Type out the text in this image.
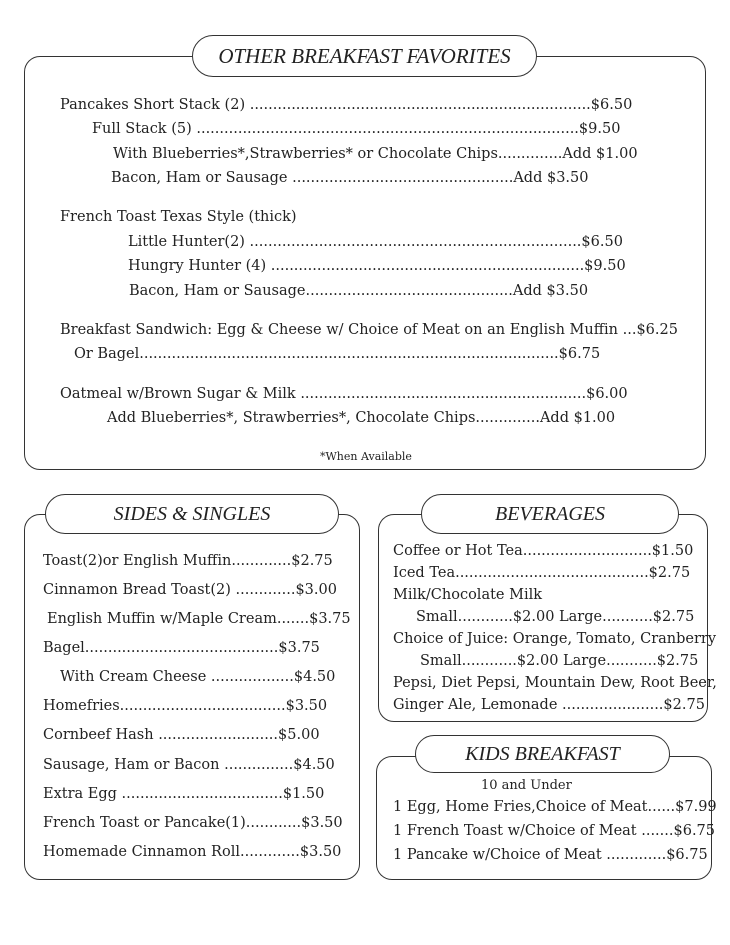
OTHER BREAKFAST FAVORITES
Pancakes Short Stack (2) ..........................................................................$6.50
Full Stack (5) ...................................................................................$9.50
With Blueberries*,Strawberries* or Chocolate Chips..............Add $1.00
Bacon, Ham or Sausage ................................................Add $3.50
French Toast Texas Style (thick)
Little Hunter(2) ........................................................................$6.50
Hungry Hunter (4) ....................................................................$9.50
Bacon, Ham or Sausage.............................................Add $3.50
Breakfast Sandwich: Egg & Cheese w/ Choice of Meat on an English Muffin ...$6.25
Or Bagel...........................................................................................$6.75
Oatmeal w/Brown Sugar & Milk ..............................................................$6.00
Add Blueberries*, Strawberries*, Chocolate Chips..............Add $1.00
*When Available
SIDES & SINGLES
Toast(2)or English Muffin.............$2.75
Cinnamon Bread Toast(2) .............$3.00
English Muffin w/Maple Cream.......$3.75
Bagel..........................................$3.75
With Cream Cheese ..................$4.50
Homefries....................................$3.50
Cornbeef Hash ..........................$5.00
Sausage, Ham or Bacon ...............$4.50
Extra Egg ...................................$1.50
French Toast or Pancake(1)............$3.50
Homemade Cinnamon Roll.............$3.50
BEVERAGES
Coffee or Hot Tea............................$1.50
Iced Tea..........................................$2.75
Milk/Chocolate Milk
Small............$2.00 Large...........$2.75
Choice of Juice: Orange, Tomato, Cranberry
Small............$2.00 Large...........$2.75
Pepsi, Diet Pepsi, Mountain Dew, Root Beer,
Ginger Ale, Lemonade ......................$2.75
KIDS BREAKFAST
10 and Under
1 Egg, Home Fries,Choice of Meat......$7.99
1 French Toast w/Choice of Meat .......$6.75
1 Pancake w/Choice of Meat .............$6.75
